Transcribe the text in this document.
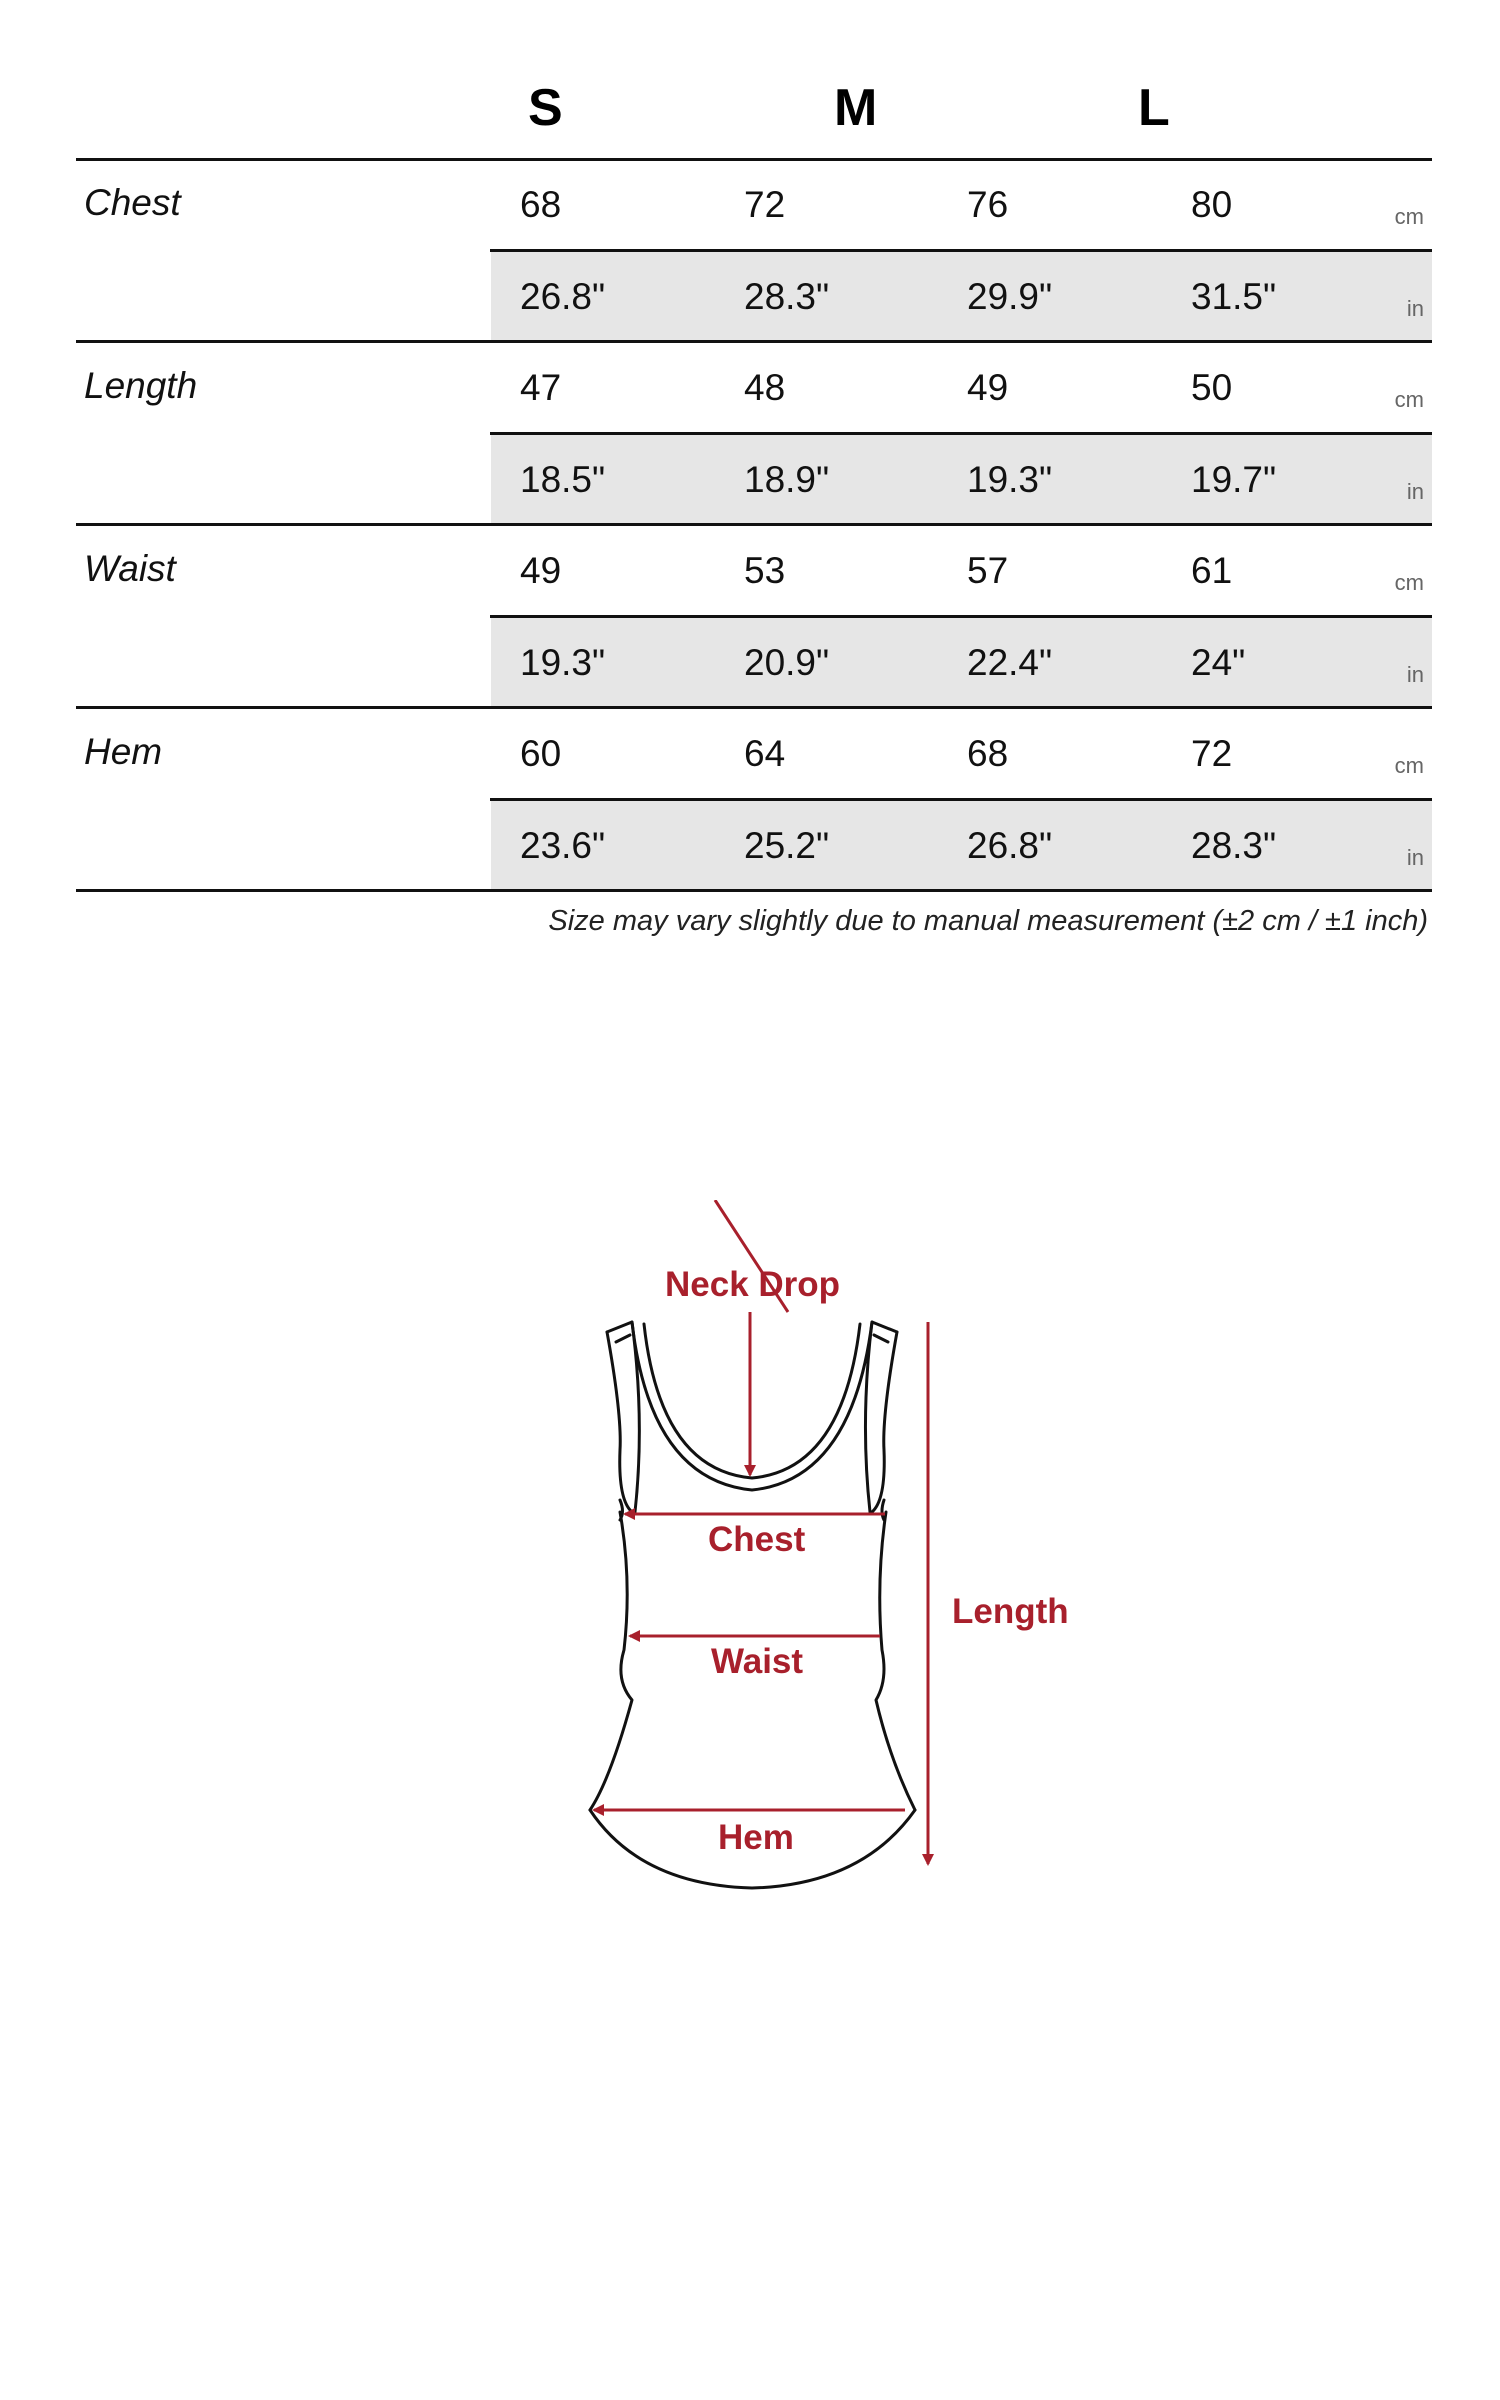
S	M	L
Chest	68	72	76	80	cm
26.8"	28.3"	29.9"	31.5"	in
Length	47	48	49	50	cm
18.5"	18.9"	19.3"	19.7"	in
Waist	49	53	57	61	cm
19.3"	20.9"	22.4"	24"	in
Hem	60	64	68	72	cm
23.6"	25.2"	26.8"	28.3"	in
Size may vary slightly due to manual measurement (±2 cm / ±1 inch)
Neck Drop
Chest
Waist
Hem
Length
